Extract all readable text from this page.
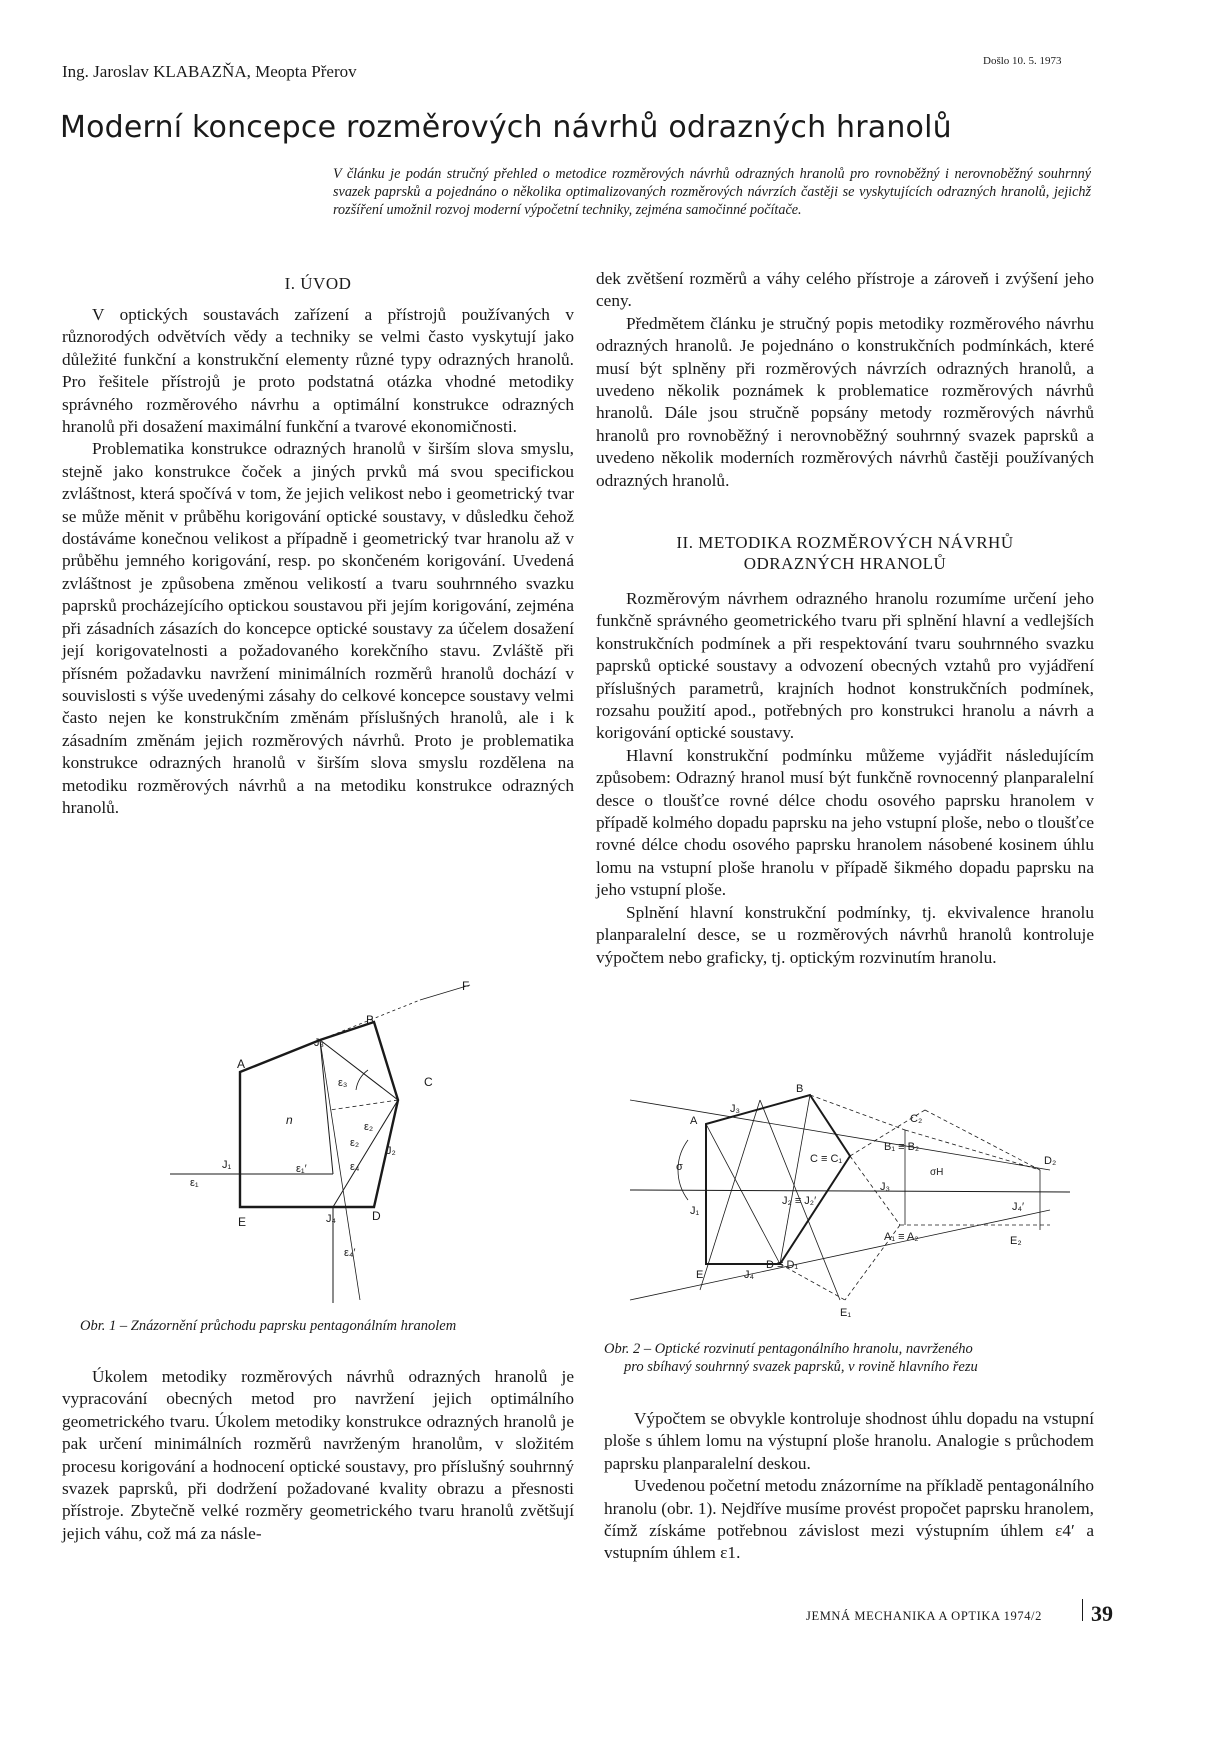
Ing. Jaroslav KLABAZŇA, Meopta Přerov
Došlo 10. 5. 1973
Moderní koncepce rozměrových návrhů odrazných hranolů
V článku je podán stručný přehled o metodice rozměrových návrhů odrazných hranolů pro rovnoběžný i nerovnoběžný souhrnný svazek paprsků a pojednáno o několika optimalizovaných rozměrových návrzích častěji se vyskytujících odrazných hranolů, jejichž rozšíření umožnil rozvoj moderní výpočetní techniky, zejména samočinné počítače.
I. ÚVOD

V optických soustavách zařízení a přístrojů používaných v různorodých odvětvích vědy a techniky se velmi často vyskytují jako důležité funkční a konstrukční elementy různé typy odrazných hranolů. Pro řešitele přístrojů je proto podstatná otázka vhodné metodiky správného rozměrového návrhu a optimální konstrukce odrazných hranolů při dosažení maximální funkční a tvarové ekonomičnosti.

Problematika konstrukce odrazných hranolů v širším slova smyslu, stejně jako konstrukce čoček a jiných prvků má svou specifickou zvláštnost, která spočívá v tom, že jejich velikost nebo i geometrický tvar se může měnit v průběhu korigování optické soustavy, v důsledku čehož dostáváme konečnou velikost a případně i geometrický tvar hranolu až v průběhu jemného korigování, resp. po skončeném korigování. Uvedená zvláštnost je způsobena změnou velikostí a tvaru souhrnného svazku paprsků procházejícího optickou soustavou při jejím korigování, zejména při zásadních zásazích do koncepce optické soustavy za účelem dosažení její korigovatelnosti a požadovaného korekčního stavu. Zvláště při přísném požadavku navržení minimálních rozměrů hranolů dochází v souvislosti s výše uvedenými zásahy do celkové koncepce soustavy velmi často nejen ke konstrukčním změnám příslušných hranolů, ale i k zásadním změnám jejich rozměrových návrhů. Proto je problematika konstrukce odrazných hranolů v širším slova smyslu rozdělena na metodiku rozměrových návrhů a na metodiku konstrukce odrazných hranolů.

A
B
C
D
E
F
n
J₁
J₂
J₃
J₄
ε₁
ε₁′
ε₂
ε₂
ε₃
ε₄
ε₄′
Obr. 1 – Znázornění průchodu paprsku pentagonálním hranolem

Úkolem metodiky rozměrových návrhů odrazných hranolů je vypracování obecných metod pro navržení jejich optimálního geometrického tvaru. Úkolem metodiky konstrukce odrazných hranolů je pak určení minimálních rozměrů navrženým hranolům, v složitém procesu korigování a hodnocení optické soustavy, pro příslušný souhrnný svazek paprsků, při dodržení požadované kvality obrazu a přesnosti přístroje. Zbytečně velké rozměry geometrického tvaru hranolů zvětšují jejich váhu, což má za násle-

dek zvětšení rozměrů a váhy celého přístroje a zároveň i zvýšení jeho ceny.

Předmětem článku je stručný popis metodiky rozměrového návrhu odrazných hranolů. Je pojednáno o konstrukčních podmínkách, které musí být splněny při rozměrových návrzích odrazných hranolů, a uvedeno několik poznámek k problematice rozměrových návrhů hranolů. Dále jsou stručně popsány metody rozměrových návrhů hranolů pro rovnoběžný i nerovnoběžný souhrnný svazek paprsků a uvedeno několik moderních rozměrových návrhů častěji používaných odrazných hranolů.

II. METODIKA ROZMĚROVÝCH NÁVRHŮ
ODRAZNÝCH HRANOLŮ

Rozměrovým návrhem odrazného hranolu rozumíme určení jeho funkčně správného geometrického tvaru při splnění hlavní a vedlejších konstrukčních podmínek a při respektování tvaru souhrnného svazku paprsků optické soustavy a odvození obecných vztahů pro vyjádření příslušných parametrů, krajních hodnot konstrukčních podmínek, rozsahu použití apod., potřebných pro konstrukci hranolu a návrh a korigování optické soustavy.

Hlavní konstrukční podmínku můžeme vyjádřit následujícím způsobem: Odrazný hranol musí být funkčně rovnocenný planparalelní desce o tloušťce rovné délce chodu osového paprsku hranolem v případě kolmého dopadu paprsku na jeho vstupní ploše, nebo o tloušťce rovné délce chodu osového paprsku hranolem násobené kosinem úhlu lomu na vstupní ploše hranolu v případě šikmého dopadu paprsku na jeho vstupní ploše.

Splnění hlavní konstrukční podmínky, tj. ekvivalence hranolu planparalelní desce, se u rozměrových návrhů hranolů kontroluje výpočtem nebo graficky, tj. optickým rozvinutím hranolu.

A
B
C₂
B₁ ≡ B₂
C ≡ C₁	D₂
J₃
J₁
J₂ ≡ J₂′
J₃
J₄′
A₁ ≡ A₂	E₂
E	J₄
D ≡ D₁
E₁
σ	σH
Obr. 2 – Optické rozvinutí pentagonálního hranolu, navrženého
pro sbíhavý souhrnný svazek paprsků, v rovině hlavního řezu

Výpočtem se obvykle kontroluje shodnost úhlu dopadu na vstupní ploše s úhlem lomu na výstupní ploše hranolu. Analogie s průchodem paprsku planparalelní deskou.

Uvedenou početní metodu znázorníme na příkladě pentagonálního hranolu (obr. 1). Nejdříve musíme provést propočet paprsku hranolem, čímž získáme potřebnou závislost mezi výstupním úhlem ε4′ a vstupním úhlem ε1.

JEMNÁ MECHANIKA A OPTIKA 1974/2 39
